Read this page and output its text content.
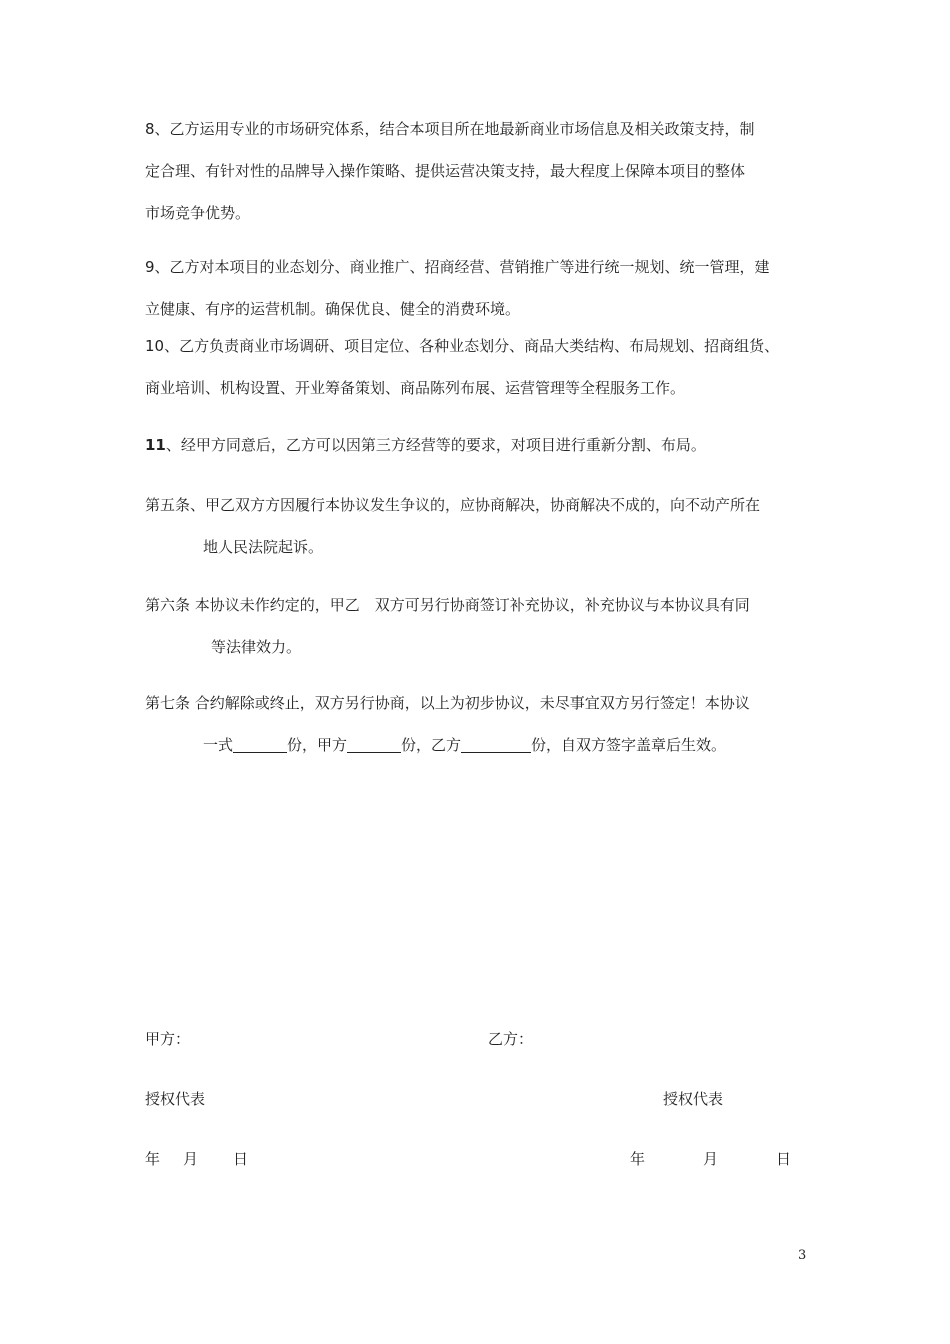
8、乙方运用专业的市场研究体系，结合本项目所在地最新商业市场信息及相关政策支持，制
定合理、有针对性的品牌导入操作策略、提供运营决策支持，最大程度上保障本项目的整体
市场竞争优势。
9、乙方对本项目的业态划分、商业推广、招商经营、营销推广等进行统一规划、统一管理，建
立健康、有序的运营机制。确保优良、健全的消费环境。
10、乙方负责商业市场调研、项目定位、各种业态划分、商品大类结构、布局规划、招商组货、
商业培训、机构设置、开业筹备策划、商品陈列布展、运营管理等全程服务工作。
11、经甲方同意后，乙方可以因第三方经营等的要求，对项目进行重新分割、布局。
第五条、甲乙双方方因履行本协议发生争议的，应协商解决，协商解决不成的，向不动产所在
地人民法院起诉。
第六条 本协议未作约定的，甲乙　双方可另行协商签订补充协议，补充协议与本协议具有同
等法律效力。
第七条 合约解除或终止，双方另行协商，以上为初步协议，未尽事宜双方另行签定！本协议
一式	份，甲方	份，乙方	份，自双方签字盖章后生效。
甲方：	乙方：
授权代表	授权代表
年 月 日	年	月	日
3
